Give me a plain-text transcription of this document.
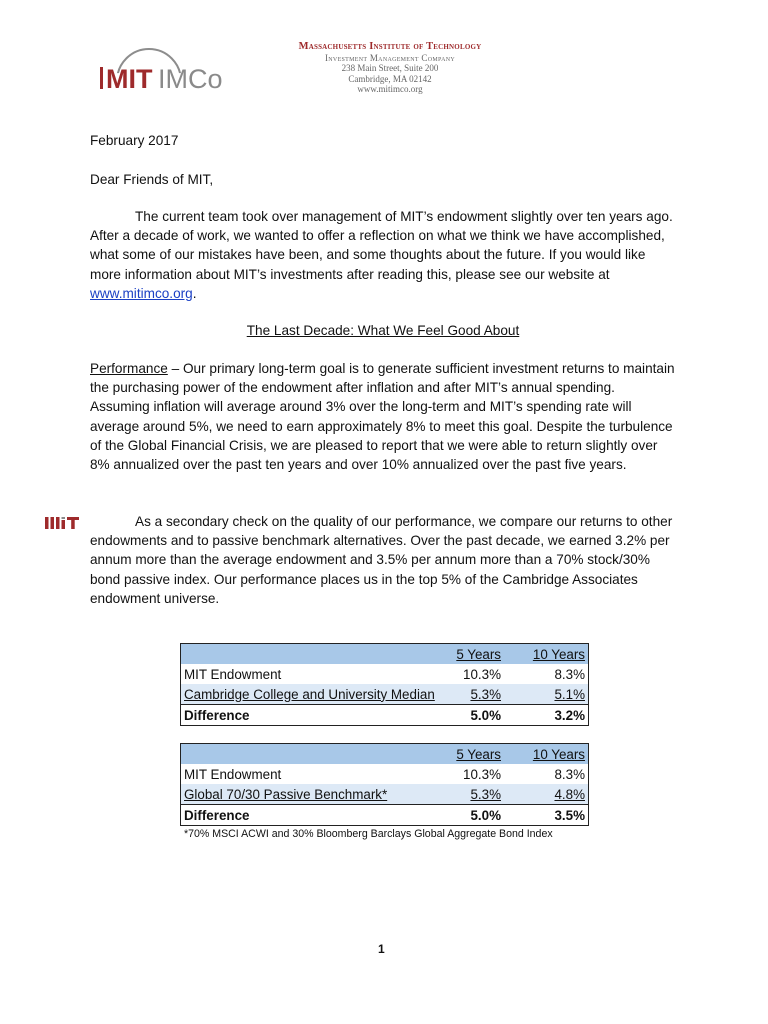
MIT IMCo
Massachusetts Institute of Technology
Investment Management Company
238 Main Street, Suite 200
Cambridge, MA 02142
www.mitimco.org
February 2017
Dear Friends of MIT,
The current team took over management of MIT’s endowment slightly over ten years ago. After a decade of work, we wanted to offer a reflection on what we think we have accomplished, what some of our mistakes have been, and some thoughts about the future. If you would like more information about MIT’s investments after reading this, please see our website at www.mitimco.org.
The Last Decade: What We Feel Good About
Performance – Our primary long-term goal is to generate sufficient investment returns to maintain the purchasing power of the endowment after inflation and after MIT’s annual spending. Assuming inflation will average around 3% over the long-term and MIT’s spending rate will average around 5%, we need to earn approximately 8% to meet this goal. Despite the turbulence of the Global Financial Crisis, we are pleased to report that we were able to return slightly over 8% annualized over the past ten years and over 10% annualized over the past five years.
As a secondary check on the quality of our performance, we compare our returns to other endowments and to passive benchmark alternatives. Over the past decade, we earned 3.2% per annum more than the average endowment and 3.5% per annum more than a 70% stock/30% bond passive index. Our performance places us in the top 5% of the Cambridge Associates endowment universe.
	5 Years	10 Years
MIT Endowment	10.3%	8.3%
Cambridge College and University Median	5.3%	5.1%
Difference	5.0%	3.2%
	5 Years	10 Years
MIT Endowment	10.3%	8.3%
Global 70/30 Passive Benchmark*	5.3%	4.8%
Difference	5.0%	3.5%
*70% MSCI ACWI and 30% Bloomberg Barclays Global Aggregate Bond Index
1
